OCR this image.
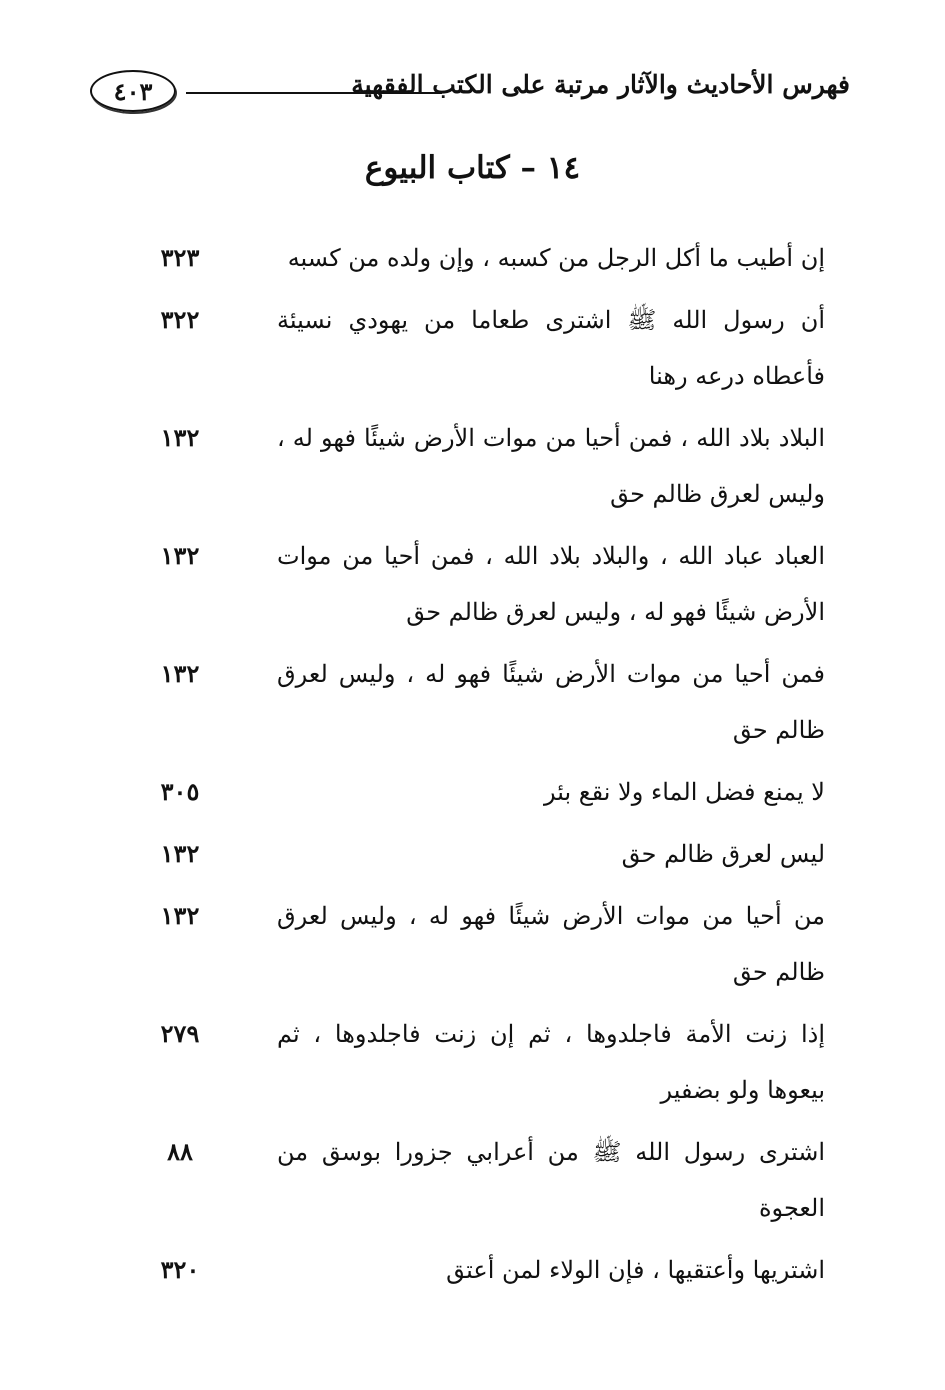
٤٠٣	فهرس الأحاديث والآثار مرتبة على الكتب الفقهية
١٤ – كتاب البيوع
إن أطيب ما أكل الرجل من كسبه ، وإن ولده من كسبه
٣٢٣
أن رسول الله ﷺ اشترى طعاما من يهودي نسيئة فأعطاه درعه رهنا
٣٢٢
البلاد بلاد الله ، فمن أحيا من موات الأرض شيئًا فهو له ، وليس لعرق ظالم حق
١٣٢
العباد عباد الله ، والبلاد بلاد الله ، فمن أحيا من موات الأرض شيئًا فهو له ، وليس لعرق ظالم حق
١٣٢
فمن أحيا من موات الأرض شيئًا فهو له ، وليس لعرق ظالم حق
١٣٢
لا يمنع فضل الماء ولا نقع بئر
٣٠٥
ليس لعرق ظالم حق
١٣٢
من أحيا من موات الأرض شيئًا فهو له ، وليس لعرق ظالم حق
١٣٢
إذا زنت الأمة فاجلدوها ، ثم إن زنت فاجلدوها ، ثم بيعوها ولو بضفير
٢٧٩
اشترى رسول الله ﷺ من أعرابي جزورا بوسق من العجوة
٨٨
اشتريها وأعتقيها ، فإن الولاء لمن أعتق
٣٢٠
